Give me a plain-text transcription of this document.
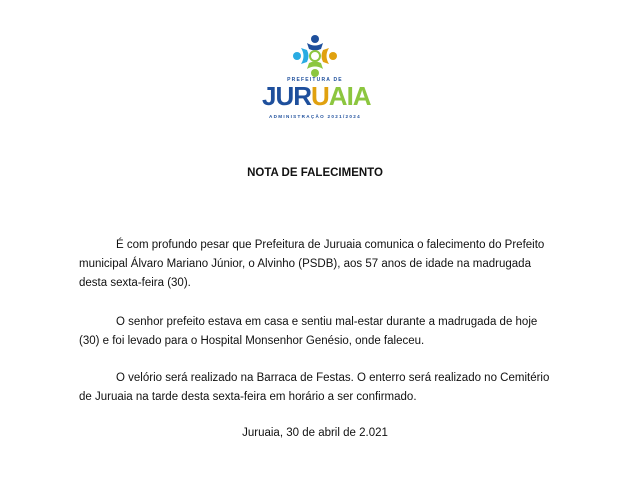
PREFEITURA DE
JURUAIA
ADMINISTRAÇÃO 2021/2024
NOTA DE FALECIMENTO

É com profundo pesar que Prefeitura de Juruaia comunica o falecimento do Prefeito municipal Álvaro Mariano Júnior, o Alvinho (PSDB), aos 57 anos de idade na madrugada desta sexta-feira (30).

O senhor prefeito estava em casa e sentiu mal-estar durante a madrugada de hoje (30) e foi levado para o Hospital Monsenhor Genésio, onde faleceu.

O velório será realizado na Barraca de Festas. O enterro será realizado no Cemitério de Juruaia na tarde desta sexta-feira em horário a ser confirmado.

Juruaia, 30 de abril de 2.021
